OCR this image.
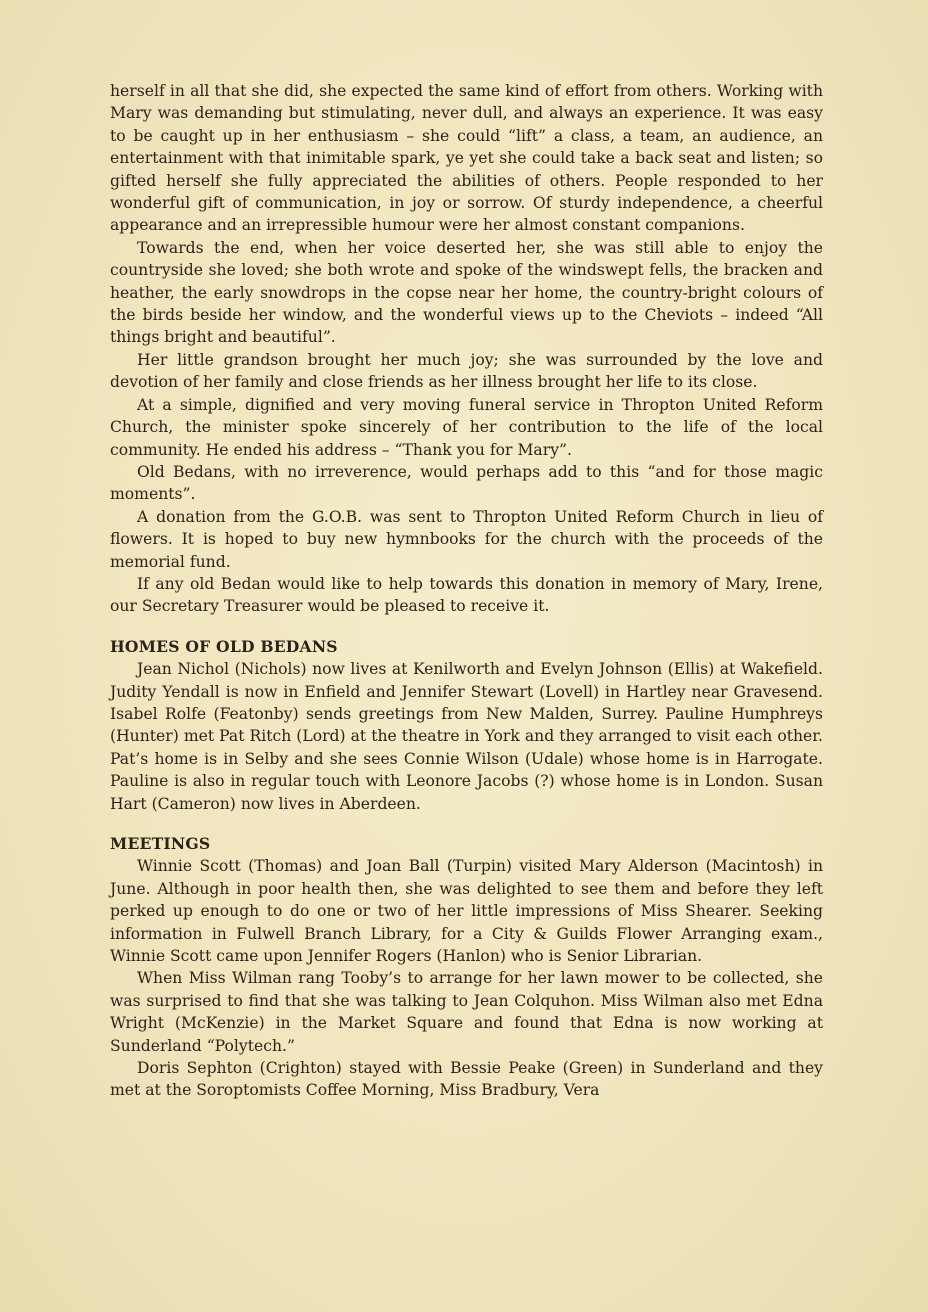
herself in all that she did, she expected the same kind of effort from others. Working with Mary was demanding but stimulating, never dull, and always an experience. It was easy to be caught up in her enthusiasm – she could “lift” a class, a team, an audience, an entertainment with that inimitable spark, ye yet she could take a back seat and listen; so gifted herself she fully appreciated the abilities of others. People responded to her wonderful gift of communication, in joy or sorrow. Of sturdy independence, a cheerful appearance and an irrepressible humour were her almost constant companions.

Towards the end, when her voice deserted her, she was still able to enjoy the countryside she loved; she both wrote and spoke of the windswept fells, the bracken and heather, the early snowdrops in the copse near her home, the country-bright colours of the birds beside her window, and the wonderful views up to the Cheviots – indeed “All things bright and beautiful”.

Her little grandson brought her much joy; she was surrounded by the love and devotion of her family and close friends as her illness brought her life to its close.

At a simple, dignified and very moving funeral service in Thropton United Reform Church, the minister spoke sincerely of her contribution to the life of the local community. He ended his address – “Thank you for Mary”.

Old Bedans, with no irreverence, would perhaps add to this “and for those magic moments”.

A donation from the G.O.B. was sent to Thropton United Reform Church in lieu of flowers. It is hoped to buy new hymnbooks for the church with the proceeds of the memorial fund.

If any old Bedan would like to help towards this donation in memory of Mary, Irene, our Secretary Treasurer would be pleased to receive it.

HOMES OF OLD BEDANS

Jean Nichol (Nichols) now lives at Kenilworth and Evelyn Johnson (Ellis) at Wakefield. Judity Yendall is now in Enfield and Jennifer Stewart (Lovell) in Hartley near Gravesend. Isabel Rolfe (Featonby) sends greetings from New Malden, Surrey. Pauline Humphreys (Hunter) met Pat Ritch (Lord) at the theatre in York and they arranged to visit each other. Pat’s home is in Selby and she sees Connie Wilson (Udale) whose home is in Harrogate. Pauline is also in regular touch with Leonore Jacobs (?) whose home is in London. Susan Hart (Cameron) now lives in Aberdeen.

MEETINGS

Winnie Scott (Thomas) and Joan Ball (Turpin) visited Mary Alderson (Macintosh) in June. Although in poor health then, she was delighted to see them and before they left perked up enough to do one or two of her little impressions of Miss Shearer. Seeking information in Fulwell Branch Library, for a City & Guilds Flower Arranging exam., Winnie Scott came upon Jennifer Rogers (Hanlon) who is Senior Librarian.

When Miss Wilman rang Tooby’s to arrange for her lawn mower to be collected, she was surprised to find that she was talking to Jean Colquhon. Miss Wilman also met Edna Wright (McKenzie) in the Market Square and found that Edna is now working at Sunderland “Polytech.”

Doris Sephton (Crighton) stayed with Bessie Peake (Green) in Sunderland and they met at the Soroptomists Coffee Morning, Miss Bradbury, Vera
